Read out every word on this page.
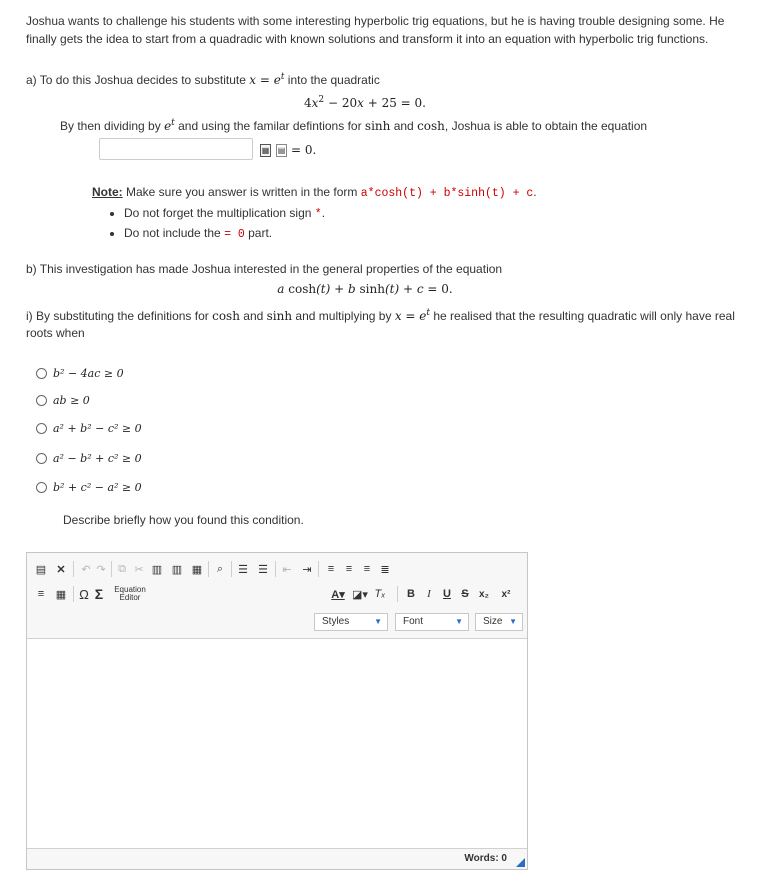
Joshua wants to challenge his students with some interesting hyperbolic trig equations, but he is having trouble designing some. He
finally gets the idea to start from a quadradic with known solutions and transform it into an equation with hyperbolic trig functions.
a) To do this Joshua decides to substitute $x = e^t$ into the quadratic
$4x^2 - 20x + 25 = 0$.
By then dividing by $e^t$ and using the familar defintions for sinh and cosh, Joshua is able to obtain the equation
▦ ▤ = 0.
Note: Make sure you answer is written in the form a*cosh(t) + b*sinh(t) + c.
• Do not forget the multiplication sign *.
• Do not include the = 0 part.
b) This investigation has made Joshua interested in the general properties of the equation
a cosh(t) + b sinh(t) + c = 0.
i) By substituting the definitions for cosh and sinh and multiplying by $x = e^t$ he realised that the resulting quadratic will only have real
roots when
b² − 4ac ≥ 0
ab ≥ 0
a² + b² − c² ≥ 0
a² − b² + c² ≥ 0
b² + c² − a² ≥ 0
Describe briefly how you found this condition.
▤ ✕	↶ ↷ ⧉ ✂ ▥ ▥ ▦	⌕	☰ ☰	⇤ ⇥	≡	≡	≡ ≣
≡	▦ Ω Σ	Equation
Editor	A▾ ◪▾ Tₓ	B	I	U S	x₂	x²
Styles	▼	Font	▼	Size ▼
Words: 0
